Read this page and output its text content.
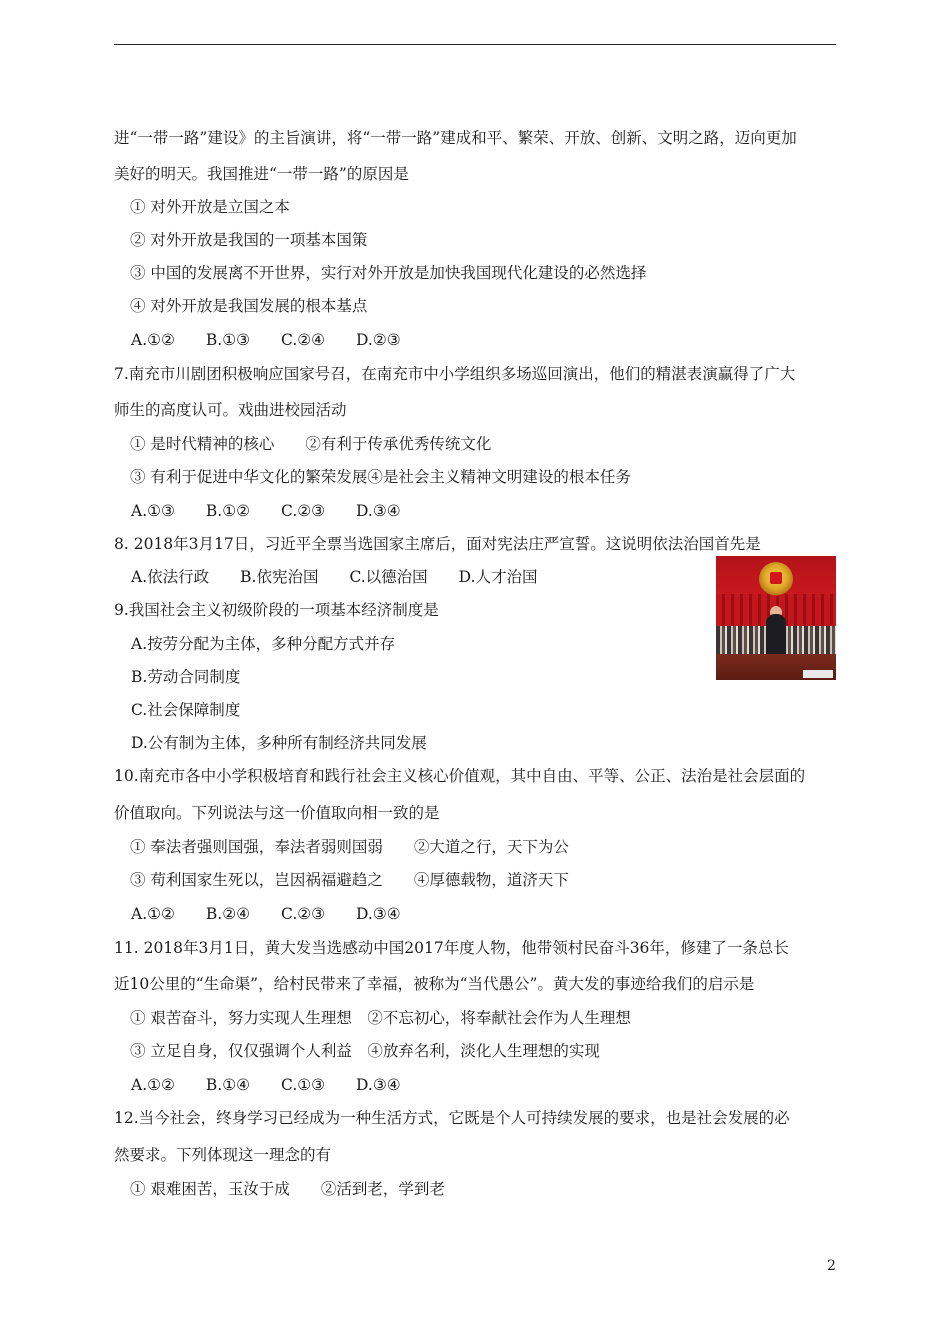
进“一带一路”建设》的主旨演讲，将“一带一路”建成和平、繁荣、开放、创新、文明之路，迈向更加
美好的明天。我国推进“一带一路”的原因是
① 对外开放是立国之本
② 对外开放是我国的一项基本国策
③ 中国的发展离不开世界，实行对外开放是加快我国现代化建设的必然选择
④ 对外开放是我国发展的根本基点
A.①②　　B.①③　　C.②④　　D.②③
7.南充市川剧团积极响应国家号召，在南充市中小学组织多场巡回演出，他们的精湛表演赢得了广大
师生的高度认可。戏曲进校园活动
① 是时代精神的核心　　②有利于传承优秀传统文化
③ 有利于促进中华文化的繁荣发展④是社会主义精神文明建设的根本任务
A.①③　　B.①②　　C.②③　　D.③④
8. 2018年3月17日，习近平全票当选国家主席后，面对宪法庄严宣誓。这说明依法治国首先是
A.依法行政　　B.依宪治国　　C.以德治国　　D.人才治国
9.我国社会主义初级阶段的一项基本经济制度是
A.按劳分配为主体，多种分配方式并存
B.劳动合同制度
C.社会保障制度
D.公有制为主体，多种所有制经济共同发展
10.南充市各中小学积极培育和践行社会主义核心价值观，其中自由、平等、公正、法治是社会层面的
价值取向。下列说法与这一价值取向相一致的是
① 奉法者强则国强，奉法者弱则国弱　　②大道之行，天下为公
③ 苟利国家生死以，岂因祸福避趋之　　④厚德载物，道济天下
A.①②　　B.②④　　C.②③　　D.③④
11. 2018年3月1日，黄大发当选感动中国2017年度人物，他带领村民奋斗36年，修建了一条总长
近10公里的“生命渠”，给村民带来了幸福，被称为“当代愚公”。黄大发的事迹给我们的启示是
① 艰苦奋斗，努力实现人生理想　②不忘初心，将奉献社会作为人生理想
③ 立足自身，仅仅强调个人利益　④放弃名利，淡化人生理想的实现
A.①②　　B.①④　　C.①③　　D.③④
12.当今社会，终身学习已经成为一种生活方式，它既是个人可持续发展的要求，也是社会发展的必
然要求。下列体现这一理念的有
① 艰难困苦，玉汝于成　　②活到老，学到老
2
